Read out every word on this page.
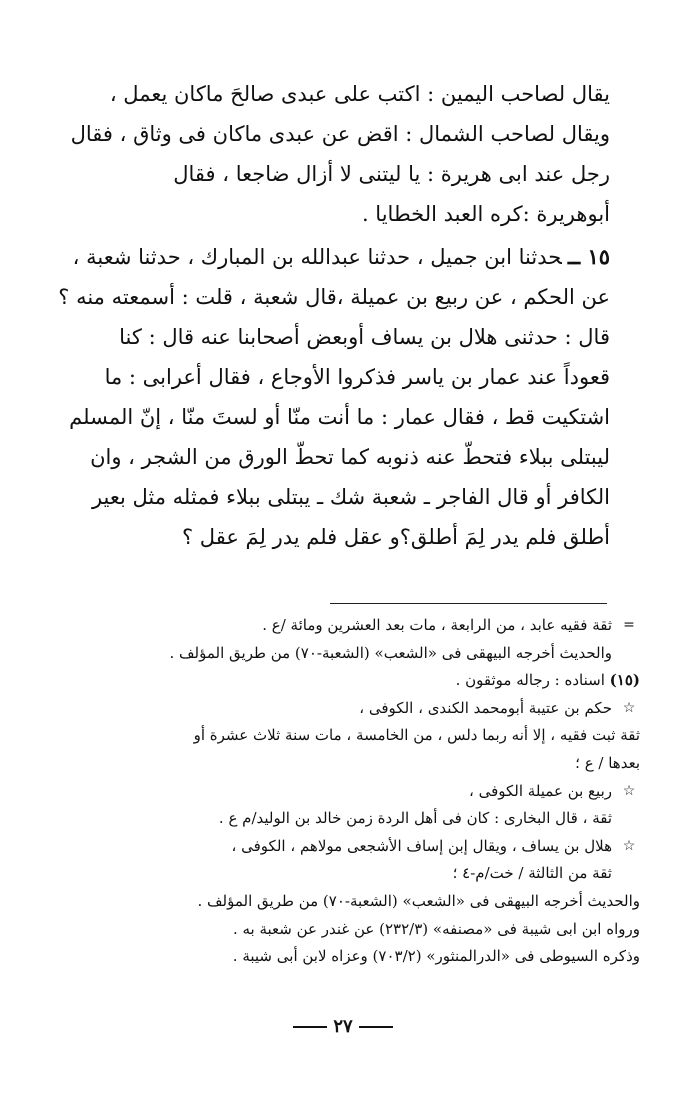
يقال لصاحب اليمين : اكتب على عبدى صالحَ ماكان يعمل ،
ويقال لصاحب الشمال : اقض عن عبدى ماكان فى وثاق ، فقال
رجل عند ابى هريرة : يا ليتنى لا أزال ضاجعا ، فقال
أبوهريرة :كره العبد الخطايا .
١٥ ــحدثنا ابن جميل ، حدثنا عبدالله بن المبارك ، حدثنا شعبة ،
عن الحكم ، عن ربيع بن عميلة ،قال شعبة ، قلت : أسمعته منه ؟
قال : حدثنى هلال بن يساف أوبعض أصحابنا عنه قال : كنا
قعوداً عند عمار بن ياسر فذكروا الأوجاع ، فقال أعرابى : ما
اشتكيت قط ، فقال عمار : ما أنت منّا أو لستَ منّا ، إنّ المسلم
ليبتلى ببلاء فتحطّ عنه ذنوبه كما تحطّ الورق من الشجر ، وان
الكافر أو قال الفاجر ـ شعبة شك ـ يبتلى ببلاء فمثله مثل بعير
أطلق فلم يدر لِمَ أطلق؟و عقل فلم يدر لِمَ عقل ؟
=
ثقة فقيه عابد ، من الرابعة ، مات بعد العشرين ومائة /ع .
والحديث أخرجه البيهقى فى «الشعب» (الشعبة-٧٠) من طريق المؤلف .
(١٥) اسناده : رجاله موثقون .
☆
حكم بن عتيبة أبومحمد الكندى ، الكوفى ،
ثقة ثبت فقيه ، إلا أنه ربما دلس ، من الخامسة ، مات سنة ثلاث عشرة أو
بعدها / ع ؛
☆
ربيع بن عميلة الكوفى ،
ثقة ، قال البخارى : كان فى أهل الردة زمن خالد بن الوليد/م ع .
☆
هلال بن يساف ، ويقال إبن إساف الأشجعى مولاهم ، الكوفى ،
ثقة من الثالثة / خت/م-٤ ؛
والحديث أخرجه البيهقى فى «الشعب» (الشعبة-٧٠) من طريق المؤلف .
ورواه ابن ابى شيبة فى «مصنفه» (٢٣٢/٣) عن غندر عن شعبة به .
وذكره السيوطى فى «الدرالمنثور» (٧٠٣/٢) وعزاه لابن أبى شيبة .
٢٧
